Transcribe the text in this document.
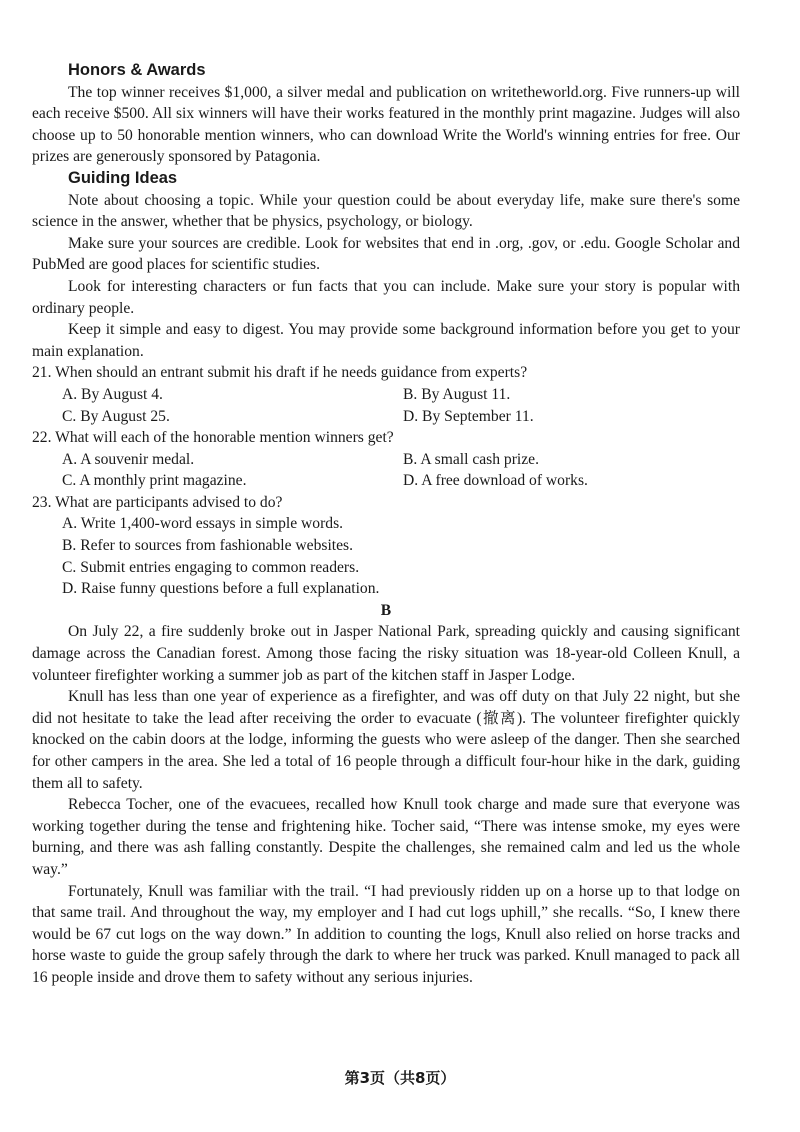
Honors & Awards

The top winner receives $1,000, a silver medal and publication on writetheworld.org. Five runners-up will each receive $500. All six winners will have their works featured in the monthly print magazine. Judges will also choose up to 50 honorable mention winners, who can download Write the World's winning entries for free. Our prizes are generously sponsored by Patagonia.

Guiding Ideas

Note about choosing a topic. While your question could be about everyday life, make sure there's some science in the answer, whether that be physics, psychology, or biology.

Make sure your sources are credible. Look for websites that end in .org, .gov, or .edu. Google Scholar and PubMed are good places for scientific studies.

Look for interesting characters or fun facts that you can include. Make sure your story is popular with ordinary people.

Keep it simple and easy to digest. You may provide some background information before you get to your main explanation.

21. When should an entrant submit his draft if he needs guidance from experts?

A. By August 4.	B. By August 11.
C. By August 25.	D. By September 11.

22. What will each of the honorable mention winners get?

A. A souvenir medal.	B. A small cash prize.
C. A monthly print magazine.	D. A free download of works.

23. What are participants advised to do?

A. Write 1,400-word essays in simple words.
B. Refer to sources from fashionable websites.
C. Submit entries engaging to common readers.
D. Raise funny questions before a full explanation.

B

On July 22, a fire suddenly broke out in Jasper National Park, spreading quickly and causing significant damage across the Canadian forest. Among those facing the risky situation was 18-year-old Colleen Knull, a volunteer firefighter working a summer job as part of the kitchen staff in Jasper Lodge.

Knull has less than one year of experience as a firefighter, and was off duty on that July 22 night, but she did not hesitate to take the lead after receiving the order to evacuate (撤离). The volunteer firefighter quickly knocked on the cabin doors at the lodge, informing the guests who were asleep of the danger. Then she searched for other campers in the area. She led a total of 16 people through a difficult four-hour hike in the dark, guiding them all to safety.

Rebecca Tocher, one of the evacuees, recalled how Knull took charge and made sure that everyone was working together during the tense and frightening hike. Tocher said, “There was intense smoke, my eyes were burning, and there was ash falling constantly. Despite the challenges, she remained calm and led us the whole way.”

Fortunately, Knull was familiar with the trail. “I had previously ridden up on a horse up to that lodge on that same trail. And throughout the way, my employer and I had cut logs uphill,” she recalls. “So, I knew there would be 67 cut logs on the way down.” In addition to counting the logs, Knull also relied on horse tracks and horse waste to guide the group safely through the dark to where her truck was parked. Knull managed to pack all 16 people inside and drove them to safety without any serious injuries.

第3页（共8页）
